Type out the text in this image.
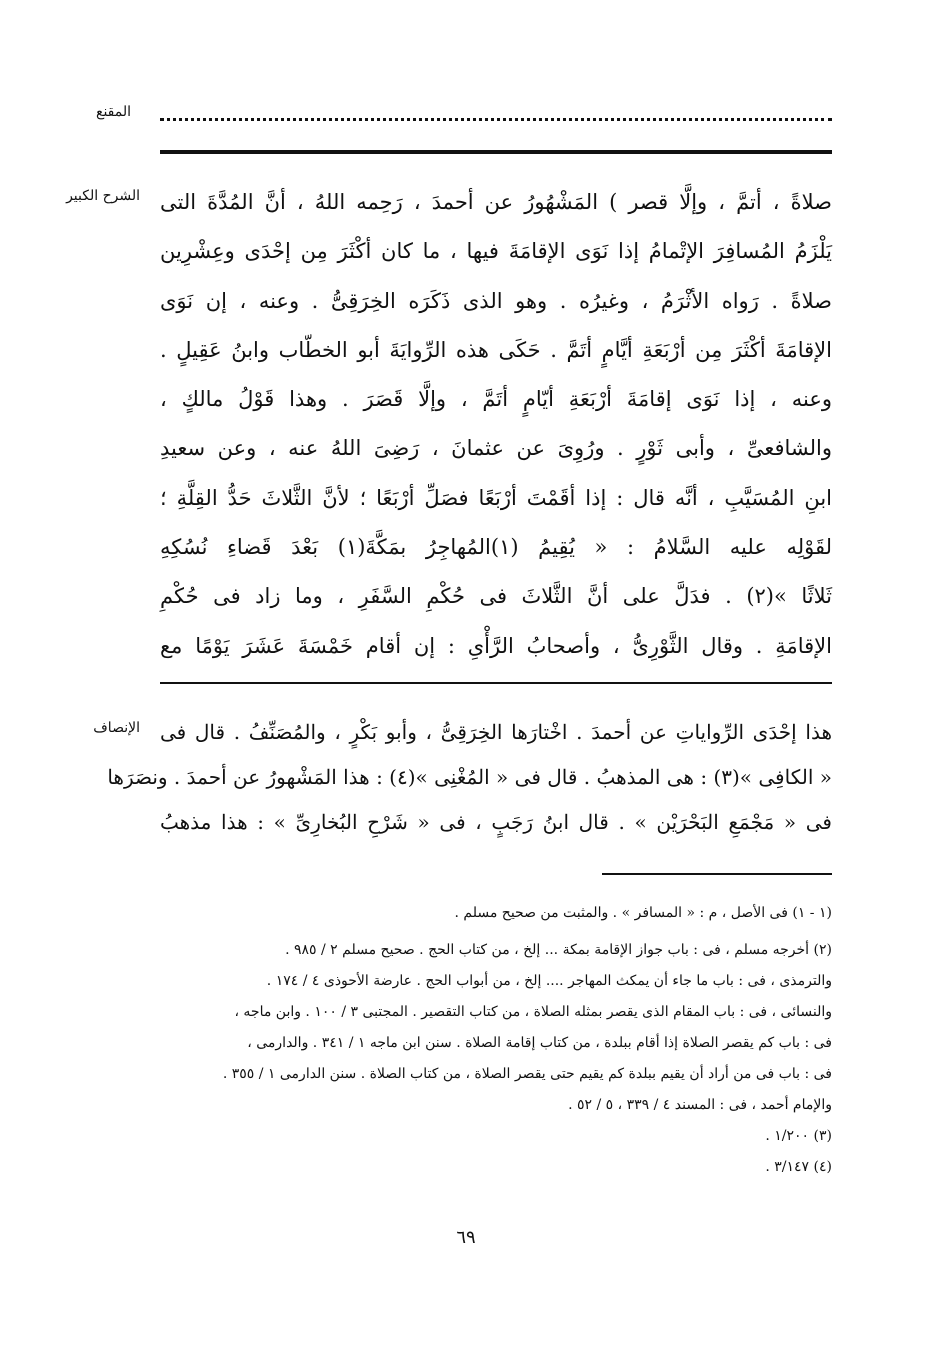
المقنع
الشرح الكبير صلاةً ، أتمَّ ، وإلَّا قصر ) المَشْهُورُ عن أحمدَ ، رَحِمه اللهُ ، أنَّ المُدَّةَ التى
يَلْزَمُ المُسافِرَ الإتْمامُ إذا نَوَى الإقامَةَ فيها ، ما كان أكْثَرَ مِن إحْدَى وعِشْرِين
صلاةً . رَواه الأثْرَمُ ، وغيرُه . وهو الذى ذَكَرَه الخِرَقِىُّ . وعنه ، إن نَوَى
الإقامَةَ أكْثَرَ مِن أرْبَعَةِ أيَّامٍ أتَمَّ . حَكَى هذه الرِّوايَةَ أبو الخطّاب وابنُ عَقِيلٍ .
وعنه ، إذا نَوَى إقامَةَ أرْبَعَةِ أيّامٍ أتَمَّ ، وإلَّا قَصَرَ . وهذا قَوْلُ مالكٍ ،
والشافعىِّ ، وأبى ثَوْرٍ . ورُوِىَ عن عثمانَ ، رَضِىَ اللهُ عنه ، وعن سعيدِ
ابنِ المُسَيَّبِ ، أنَّه قال : إذا أقَمْتَ أرْبَعًا فصَلِّ أرْبَعًا ؛ لأنَّ الثَّلاثَ حَدُّ القِلَّةِ ؛
لقَوْلِه عليه السَّلامُ : « يُقِيمُ (١)المُهاجِرُ بمَكَّةَ(١) بَعْدَ قَضاءِ نُسُكِهِ
ثَلاثًا »(٢) . فدَلَّ على أنَّ الثَّلاثَ فى حُكْمِ السَّفَرِ ، وما زاد فى حُكْمِ
الإقامَةِ . وقال الثَّوْرِىُّ ، وأصحابُ الرَّأْىِ : إن أقام خَمْسَةَ عَشَرَ يَوْمًا مع
الإنصاف هذا إحْدَى الرِّواياتِ عن أحمدَ . اخْتارَها الخِرَقِىُّ ، وأبو بَكْرٍ ، والمُصَنِّفُ . قال فى
« الكافِى »(٣) : هى المذهبُ . قال فى « المُغْنِى »(٤) : هذا المَشْهورُ عن أحمدَ . ونصَرَها
فى « مَجْمَعِ البَحْرَيْن » . قال ابنُ رَجَبٍ ، فى « شَرْحِ البُخارِىِّ » : هذا مذهبُ
(١ - ١) فى الأصل ، م : « المسافر » . والمثبت من صحيح مسلم .
(٢) أخرجه مسلم ، فى : باب جواز الإقامة بمكة ... إلخ ، من كتاب الحج . صحيح مسلم ٢ / ٩٨٥ .
والترمذى ، فى : باب ما جاء أن يمكث المهاجر .... إلخ ، من أبواب الحج . عارضة الأحوذى ٤ / ١٧٤ .
والنسائى ، فى : باب المقام الذى يقصر بمثله الصلاة ، من كتاب التقصير . المجتبى ٣ / ١٠٠ . وابن ماجه ،
فى : باب كم يقصر الصلاة إذا أقام ببلدة ، من كتاب إقامة الصلاة . سنن ابن ماجه ١ / ٣٤١ . والدارمى ،
فى : باب فى من أراد أن يقيم ببلدة كم يقيم حتى يقصر الصلاة ، من كتاب الصلاة . سنن الدارمى ١ / ٣٥٥ .
والإمام أحمد ، فى : المسند ٤ / ٣٣٩ ، ٥ / ٥٢ .
(٣) ١/٢٠٠ .
(٤) ٣/١٤٧ .
٦٩
